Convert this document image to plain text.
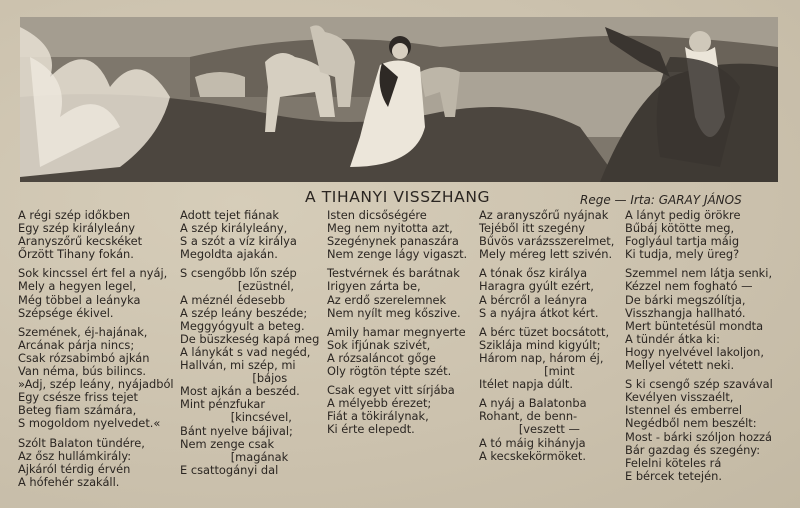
A TIHANYI VISSZHANG	Rege — Irta: GARAY JÁNOS
A régi szép időkben
Egy szép királyleány
Aranyszőrű kecskéket
Őrzött Tihany fokán.
Sok kincssel ért fel a nyáj,
Mely a hegyen legel,
Még többel a leányka
Szépsége ékivel.
Szemének, éj-hajának,
Arcának párja nincs;
Csak rózsabimbó ajkán
Van néma, bús bilincs.
»Adj, szép leány, nyájadból
Egy csésze friss tejet
Beteg fiam számára,
S mogoldom nyelvedet.«
Szólt Balaton tündére,
Az ősz hullámkirály:
Ajkáról térdig érvén
A hófehér szakáll.
Adott tejet fiának
A szép királyleány,
S a szót a víz királya
Megoldta ajakán.
S csengőbb lőn szép
[ezüstnél,
A méznél édesebb
A szép leány beszéde;
Meggyógyult a beteg.
De büszkeség kapá meg
A lánykát s vad negéd,
Hallván, mi szép, mi
[bájos
Most ajkán a beszéd.
Mint pénzfukar
[kincsével,
Bánt nyelve bájival;
Nem zenge csak
[magának
E csattogányi dal
Isten dicsőségére
Meg nem nyitotta azt,
Szegénynek panaszára
Nem zenge lágy vigaszt.
Testvérnek és barátnak
Irigyen zárta be,
Az erdő szerelemnek
Nem nyílt meg kőszive.
Amily hamar megnyerte
Sok ifjúnak szivét,
A rózsaláncot gőge
Oly rögtön tépte szét.
Csak egyet vitt sírjába
A mélyebb érezet;
Fiát a tökirálynak,
Ki érte elepedt.
Az aranyszőrű nyájnak
Tejéből itt szegény
Bűvös varázsszerelmet,
Mely méreg lett szivén.
A tónak ősz királya
Haragra gyúlt ezért,
A bércről a leányra
S a nyájra átkot kért.
A bérc tüzet bocsátott,
Sziklája mind kigyúlt;
Három nap, három éj,
[mint
Itélet napja dúlt.
A nyáj a Balatonba
Rohant, de benn-
[veszett —
A tó máig kihányja
A kecskekörmöket.
A lányt pedig örökre
Bűbáj kötötte meg,
Foglyául tartja máig
Ki tudja, mely üreg?
Szemmel nem látja senki,
Kézzel nem fogható —
De bárki megszólítja,
Visszhangja hallható.
Mert büntetésül mondta
A tündér átka ki:
Hogy nyelvével lakoljon,
Mellyel vétett neki.
S ki csengő szép szavával
Kevélyen visszaélt,
Istennel és emberrel
Negédből nem beszélt:
Most - bárki szóljon hozzá
Bár gazdag és szegény:
Felelni köteles rá
E bércek tetején.
